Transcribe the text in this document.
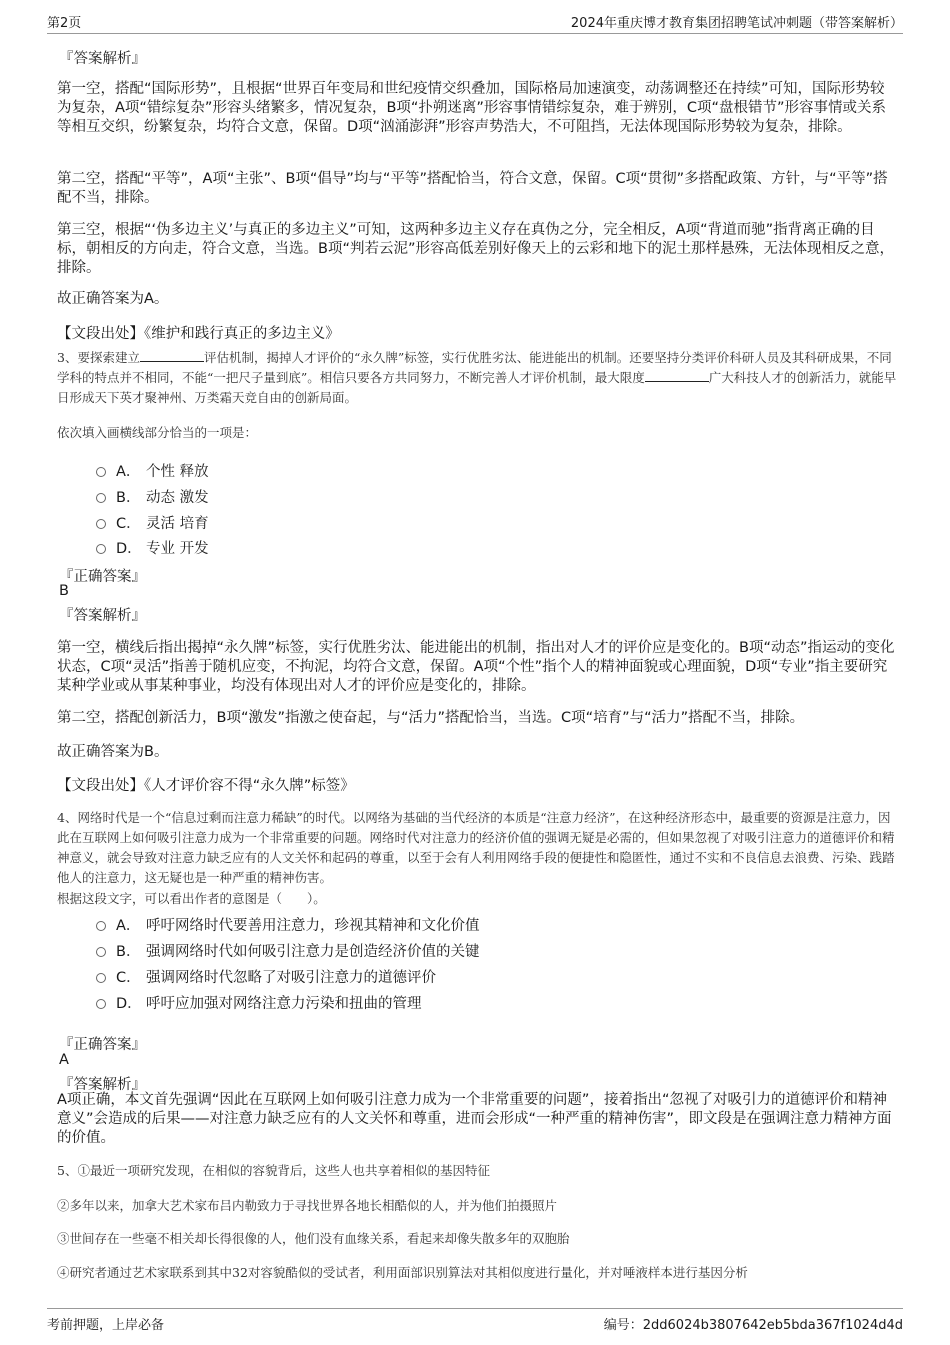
第2页	2024年重庆博才教育集团招聘笔试冲刺题（带答案解析）
『答案解析』
第一空，搭配“国际形势”，且根据“世界百年变局和世纪疫情交织叠加，国际格局加速演变，动荡调整还在持续”可知，国际形势较为复杂，A项“错综复杂”形容头绪繁多，情况复杂，B项“扑朔迷离”形容事情错综复杂，难于辨别，C项“盘根错节”形容事情或关系等相互交织，纷繁复杂，均符合文意，保留。D项“汹涌澎湃”形容声势浩大，不可阻挡，无法体现国际形势较为复杂，排除。
第二空，搭配“平等”，A项“主张”、B项“倡导”均与“平等”搭配恰当，符合文意，保留。C项“贯彻”多搭配政策、方针，与“平等”搭配不当，排除。
第三空，根据“‘伪多边主义’与真正的多边主义”可知，这两种多边主义存在真伪之分，完全相反，A项“背道而驰”指背离正确的目标，朝相反的方向走，符合文意，当选。B项“判若云泥”形容高低差别好像天上的云彩和地下的泥土那样悬殊，无法体现相反之意，排除。
故正确答案为A。
【文段出处】《维护和践行真正的多边主义》
3、要探索建立	评估机制，揭掉人才评价的“永久牌”标签，实行优胜劣汰、能进能出的机制。还要坚持分类评价科研人员及其科研成果，不同学科的特点并不相同，不能“一把尺子量到底”。相信只要各方共同努力，不断完善人才评价机制，最大限度	广大科技人才的创新活力，就能早日形成天下英才聚神州、万类霜天竞自由的创新局面。
依次填入画横线部分恰当的一项是：
A． 个性 释放
B． 动态 激发
C． 灵活 培育
D． 专业 开发
『正确答案』
B
『答案解析』
第一空，横线后指出揭掉“永久牌”标签，实行优胜劣汰、能进能出的机制，指出对人才的评价应是变化的。B项“动态”指运动的变化状态，C项“灵活”指善于随机应变，不拘泥，均符合文意，保留。A项“个性”指个人的精神面貌或心理面貌，D项“专业”指主要研究某种学业或从事某种事业，均没有体现出对人才的评价应是变化的，排除。
第二空，搭配创新活力，B项“激发”指激之使奋起，与“活力”搭配恰当，当选。C项“培育”与“活力”搭配不当，排除。
故正确答案为B。
【文段出处】《人才评价容不得“永久牌”标签》
4、网络时代是一个“信息过剩而注意力稀缺”的时代。以网络为基础的当代经济的本质是“注意力经济”，在这种经济形态中，最重要的资源是注意力，因此在互联网上如何吸引注意力成为一个非常重要的问题。网络时代对注意力的经济价值的强调无疑是必需的，但如果忽视了对吸引注意力的道德评价和精神意义，就会导致对注意力缺乏应有的人文关怀和起码的尊重，以至于会有人利用网络手段的便捷性和隐匿性，通过不实和不良信息去浪费、污染、践踏他人的注意力，这无疑也是一种严重的精神伤害。
根据这段文字，可以看出作者的意图是（　　）。
A． 呼吁网络时代要善用注意力，珍视其精神和文化价值
B． 强调网络时代如何吸引注意力是创造经济价值的关键
C． 强调网络时代忽略了对吸引注意力的道德评价
D． 呼吁应加强对网络注意力污染和扭曲的管理
『正确答案』
A
『答案解析』
A项正确，本文首先强调“因此在互联网上如何吸引注意力成为一个非常重要的问题”，接着指出“忽视了对吸引力的道德评价和精神意义”会造成的后果——对注意力缺乏应有的人文关怀和尊重，进而会形成“一种严重的精神伤害”，即文段是在强调注意力精神方面的价值。
5、①最近一项研究发现，在相似的容貌背后，这些人也共享着相似的基因特征
②多年以来，加拿大艺术家布吕内勒致力于寻找世界各地长相酷似的人，并为他们拍摄照片
③世间存在一些毫不相关却长得很像的人，他们没有血缘关系，看起来却像失散多年的双胞胎
④研究者通过艺术家联系到其中32对容貌酷似的受试者，利用面部识别算法对其相似度进行量化，并对唾液样本进行基因分析
考前押题，上岸必备	编号：2dd6024b3807642eb5bda367f1024d4d
